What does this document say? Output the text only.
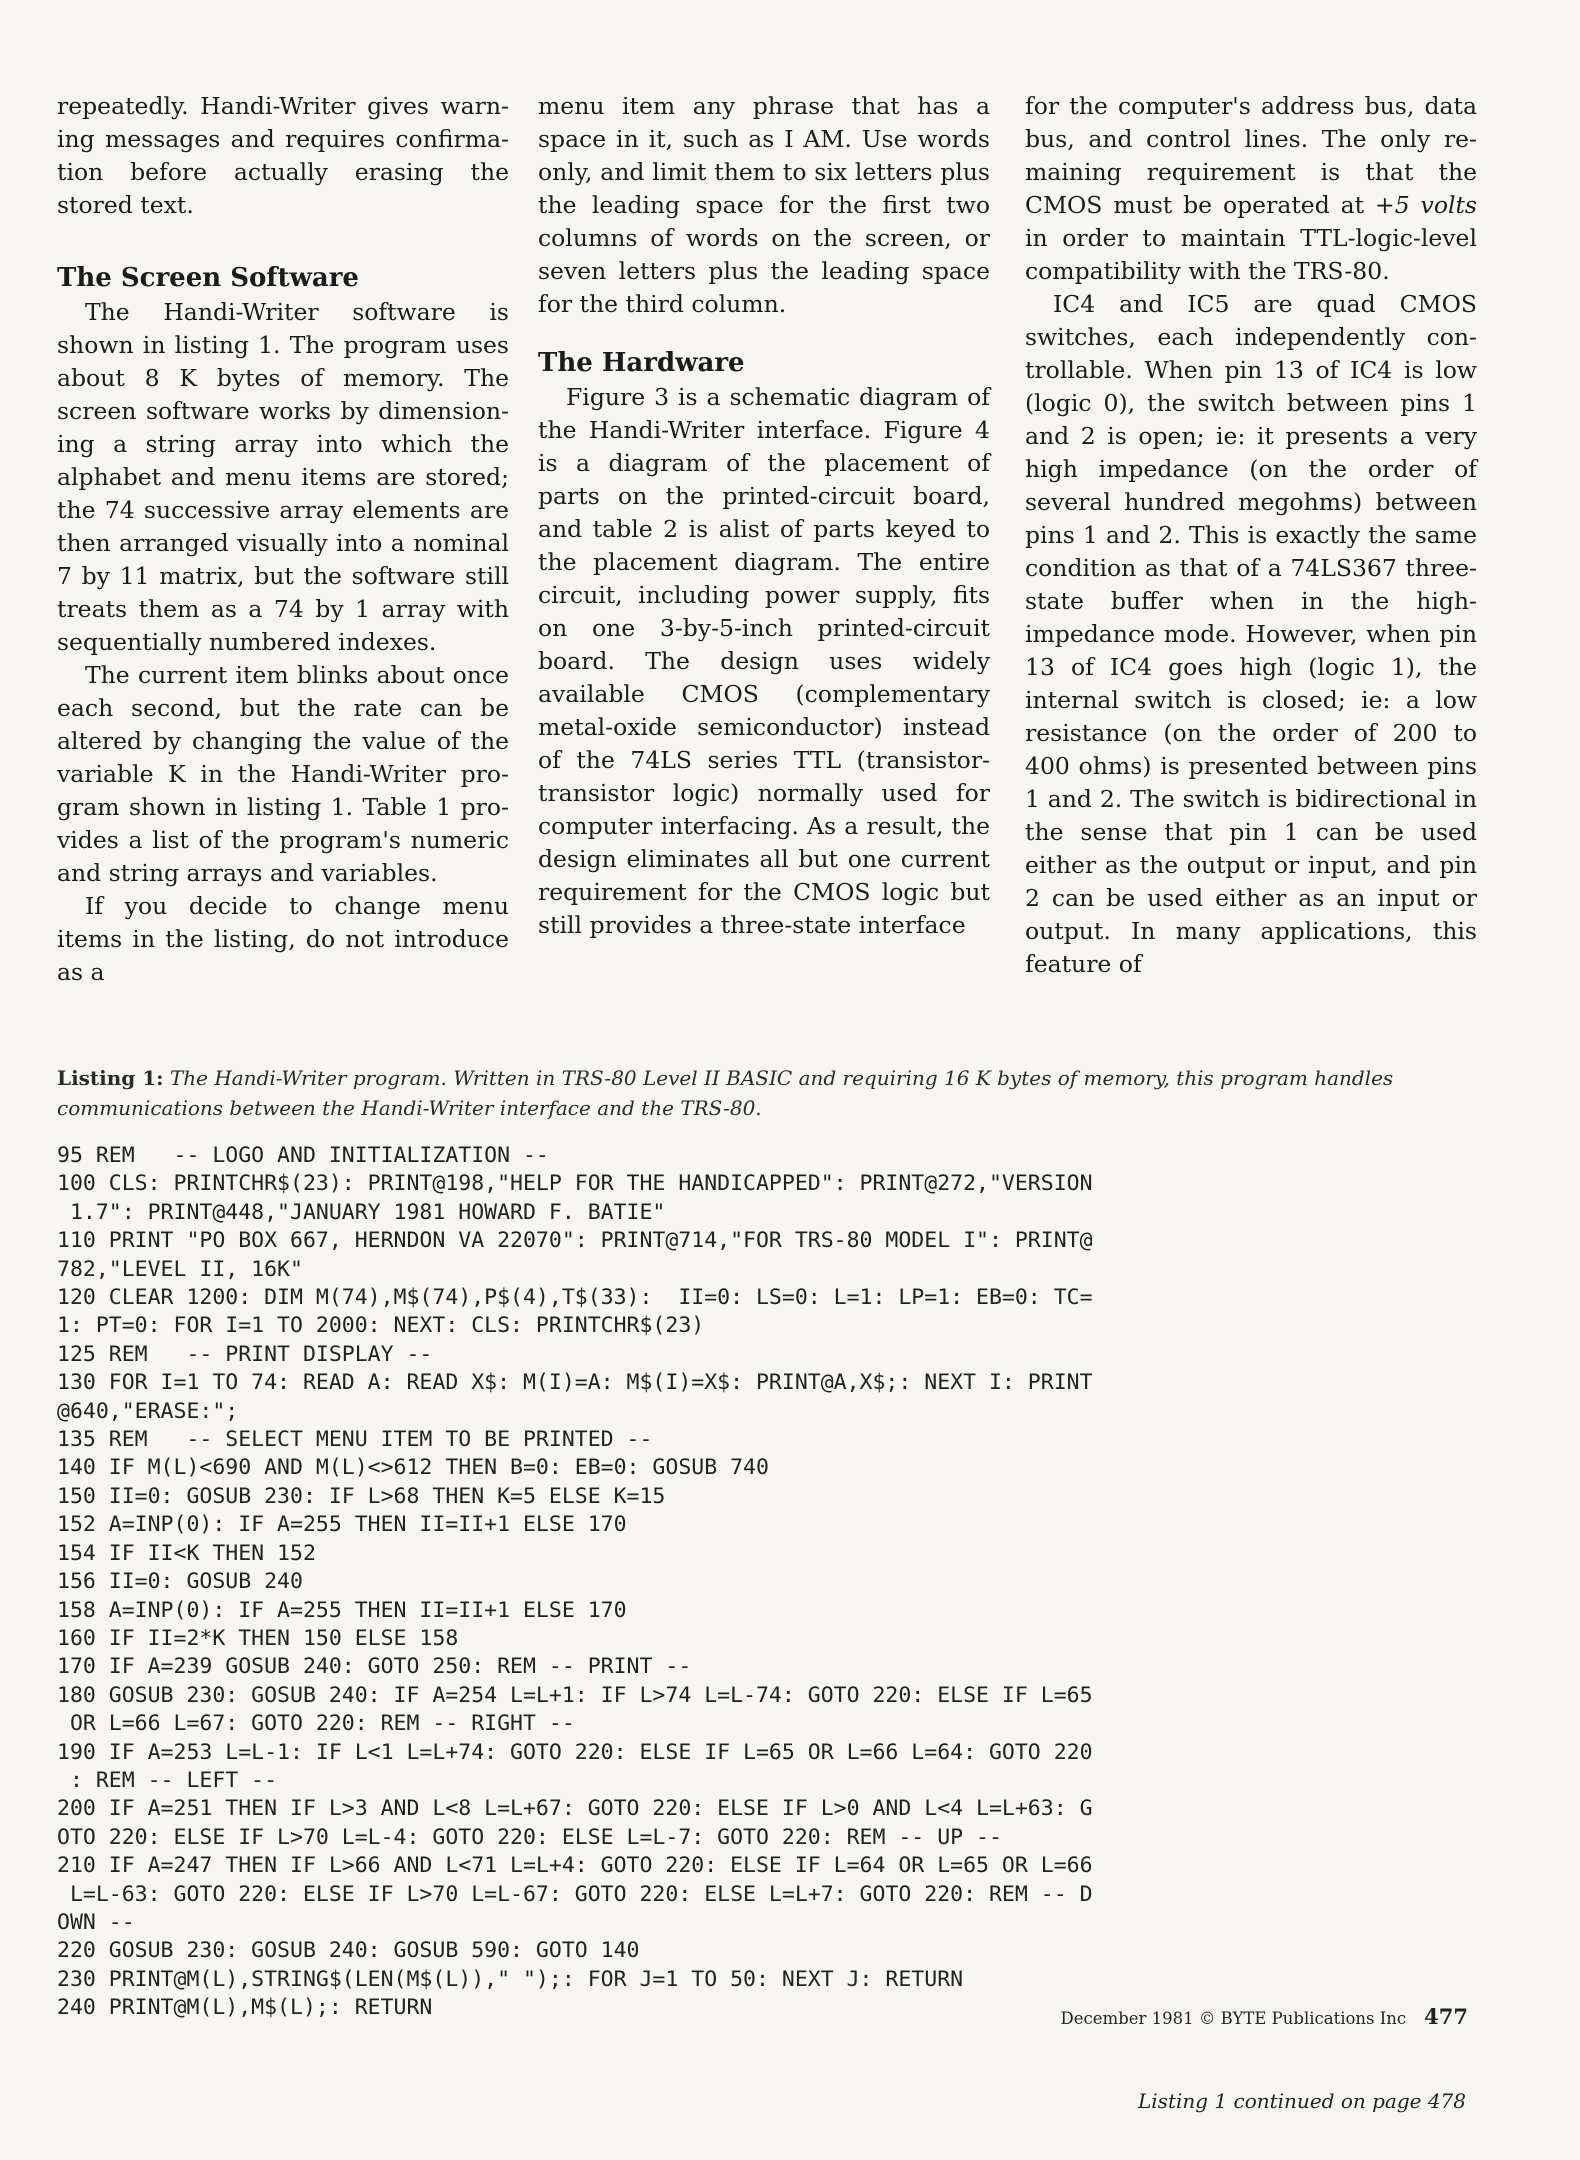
repeatedly. Handi-Writer gives warning messages and requires confirmation before actually erasing the stored text.

The Screen Software

The Handi-Writer software is shown in listing 1. The program uses about 8 K bytes of memory. The screen software works by dimensioning a string array into which the alphabet and menu items are stored; the 74 successive array elements are then arranged visually into a nominal 7 by 11 matrix, but the software still treats them as a 74 by 1 array with sequentially numbered indexes.

The current item blinks about once each second, but the rate can be altered by changing the value of the variable K in the Handi-Writer program shown in listing 1. Table 1 provides a list of the program's numeric and string arrays and variables.

If you decide to change menu items in the listing, do not introduce as a

menu item any phrase that has a space in it, such as I AM. Use words only, and limit them to six letters plus the leading space for the first two columns of words on the screen, or seven letters plus the leading space for the third column.

The Hardware

Figure 3 is a schematic diagram of the Handi-Writer interface. Figure 4 is a diagram of the placement of parts on the printed-circuit board, and table 2 is alist of parts keyed to the placement diagram. The entire circuit, including power supply, fits on one 3-by-5-inch printed-circuit board. The design uses widely available CMOS (complementary metal-oxide semiconductor) instead of the 74LS series TTL (transistor-transistor logic) normally used for computer interfacing. As a result, the design eliminates all but one current requirement for the CMOS logic but still provides a three-state interface

for the computer's address bus, data bus, and control lines. The only remaining requirement is that the CMOS must be operated at +5 volts in order to maintain TTL-logic-level compatibility with the TRS-80.

IC4 and IC5 are quad CMOS switches, each independently controllable. When pin 13 of IC4 is low (logic 0), the switch between pins 1 and 2 is open; ie: it presents a very high impedance (on the order of several hundred megohms) between pins 1 and 2. This is exactly the same condition as that of a 74LS367 three-state buffer when in the high-impedance mode. However, when pin 13 of IC4 goes high (logic 1), the internal switch is closed; ie: a low resistance (on the order of 200 to 400 ohms) is presented between pins 1 and 2. The switch is bidirectional in the sense that pin 1 can be used either as the output or input, and pin 2 can be used either as an input or output. In many applications, this feature of

Listing 1: The Handi-Writer program. Written in TRS-80 Level II BASIC and requiring 16 K bytes of memory, this program handles communications between the Handi-Writer interface and the TRS-80.
95 REM   -- LOGO AND INITIALIZATION --
100 CLS: PRINTCHR$(23): PRINT@198,"HELP FOR THE HANDICAPPED": PRINT@272,"VERSION
1.7": PRINT@448,"JANUARY 1981 HOWARD F. BATIE"
110 PRINT "PO BOX 667, HERNDON VA 22070": PRINT@714,"FOR TRS-80 MODEL I": PRINT@
782,"LEVEL II, 16K"
120 CLEAR 1200: DIM M(74),M$(74),P$(4),T$(33):  II=0: LS=0: L=1: LP=1: EB=0: TC=
1: PT=0: FOR I=1 TO 2000: NEXT: CLS: PRINTCHR$(23)
125 REM   -- PRINT DISPLAY --
130 FOR I=1 TO 74: READ A: READ X$: M(I)=A: M$(I)=X$: PRINT@A,X$;: NEXT I: PRINT
@640,"ERASE:";
135 REM   -- SELECT MENU ITEM TO BE PRINTED --
140 IF M(L)<690 AND M(L)<>612 THEN B=0: EB=0: GOSUB 740
150 II=0: GOSUB 230: IF L>68 THEN K=5 ELSE K=15
152 A=INP(0): IF A=255 THEN II=II+1 ELSE 170
154 IF II<K THEN 152
156 II=0: GOSUB 240
158 A=INP(0): IF A=255 THEN II=II+1 ELSE 170
160 IF II=2*K THEN 150 ELSE 158
170 IF A=239 GOSUB 240: GOTO 250: REM -- PRINT --
180 GOSUB 230: GOSUB 240: IF A=254 L=L+1: IF L>74 L=L-74: GOTO 220: ELSE IF L=65
OR L=66 L=67: GOTO 220: REM -- RIGHT --
190 IF A=253 L=L-1: IF L<1 L=L+74: GOTO 220: ELSE IF L=65 OR L=66 L=64: GOTO 220
: REM -- LEFT --
200 IF A=251 THEN IF L>3 AND L<8 L=L+67: GOTO 220: ELSE IF L>0 AND L<4 L=L+63: G
OTO 220: ELSE IF L>70 L=L-4: GOTO 220: ELSE L=L-7: GOTO 220: REM -- UP --
210 IF A=247 THEN IF L>66 AND L<71 L=L+4: GOTO 220: ELSE IF L=64 OR L=65 OR L=66
L=L-63: GOTO 220: ELSE IF L>70 L=L-67: GOTO 220: ELSE L=L+7: GOTO 220: REM -- D
OWN --
220 GOSUB 230: GOSUB 240: GOSUB 590: GOTO 140
230 PRINT@M(L),STRING$(LEN(M$(L))," ");: FOR J=1 TO 50: NEXT J: RETURN
240 PRINT@M(L),M$(L);: RETURN
Listing 1 continued on page 478
December 1981 © BYTE Publications Inc 477
